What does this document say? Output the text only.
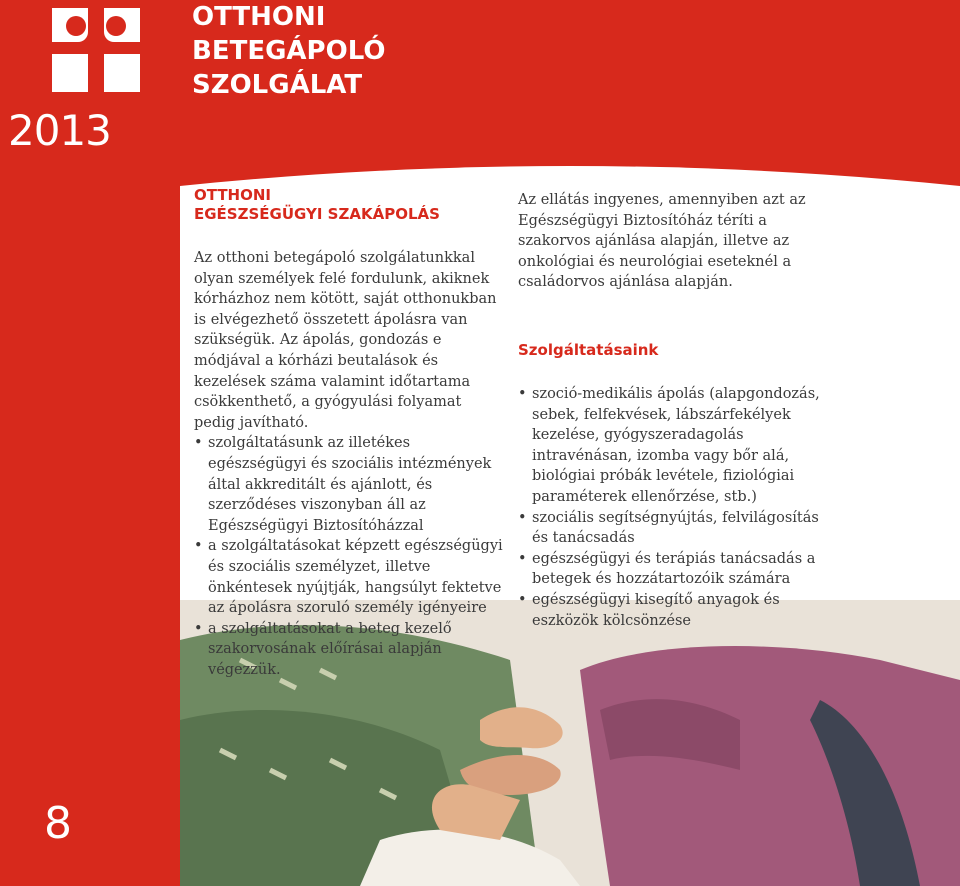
2013
OTTHONI
BETEGÁPOLÓ
SZOLGÁLAT
8
OTTHONI
EGÉSZSÉGÜGYI SZAKÁPOLÁS

Az otthoni betegápoló szolgálatunkkal olyan személyek felé fordulunk, akiknek kórházhoz nem kötött, saját otthonukban is elvégezhető összetett ápolásra van szükségük. Az ápolás, gondozás e módjával a kórházi beutalások és kezelések száma valamint időtartama csökkenthető, a gyógyulási folyamat pedig javítható.

• szolgáltatásunk az illetékes egészségügyi és szociális intézmények által akkreditált és ajánlott, és szerződéses viszonyban áll az Egészségügyi Biztosítóházzal
• a szolgáltatásokat képzett egészségügyi és szociális személyzet, illetve önkéntesek nyújtják, hangsúlyt fektetve az ápolásra szoruló személy igényeire
• a szolgáltatásokat a beteg kezelő szakorvosának előírásai alapján végezzük.

Az ellátás ingyenes, amennyiben azt az Egészségügyi Biztosítóház téríti a szakorvos ajánlása alapján, illetve az onkológiai és neurológiai eseteknél a családorvos ajánlása alapján.

Szolgáltatásaink
• szoció-medikális ápolás (alapgondozás, sebek, felfekvések, lábszárfekélyek kezelése, gyógyszeradagolás intravénásan, izomba vagy bőr alá, biológiai próbák levétele, fiziológiai paraméterek ellenőrzése, stb.)
• szociális segítségnyújtás, felvilágosítás és tanácsadás
• egészségügyi és terápiás tanácsadás a betegek és hozzátartozóik számára
• egészségügyi kisegítő anyagok és eszközök kölcsönzése
